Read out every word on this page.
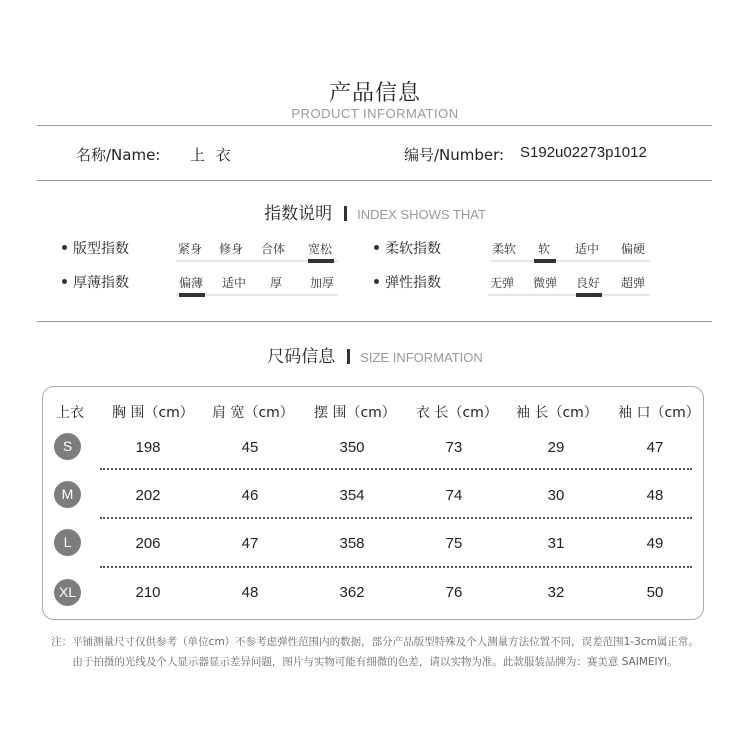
产品信息
PRODUCT INFORMATION
名称/Name: 上 衣	编号/Number: S192u02273p1012
指数说明 INDEX SHOWS THAT
版型指数	紧身 修身 合体 宽松	柔软指数	柔软 软 适中 偏硬
厚薄指数	偏薄 适中 厚 加厚	弹性指数	无弹 微弹 良好 超弹
尺码信息 SIZE INFORMATION
上衣 胸 围（cm） 肩 宽（cm） 摆 围（cm） 衣 长（cm） 袖 长（cm） 袖 口（cm）
S	198	45	350	73	29	47
M	202	46	354	74	30	48
L	206	47	358	75	31	49
XL	210	48	362	76	32	50
注：平铺测量尺寸仅供参考（单位cm）不参考虑弹性范围内的数据，部分产品版型特殊及个人测量方法位置不同，误差范围1-3cm属正常。
由于拍摄的光线及个人显示器显示差异问题，图片与实物可能有细微的色差，请以实物为准。此款服装品牌为：赛美意 SAIMEIYI。
